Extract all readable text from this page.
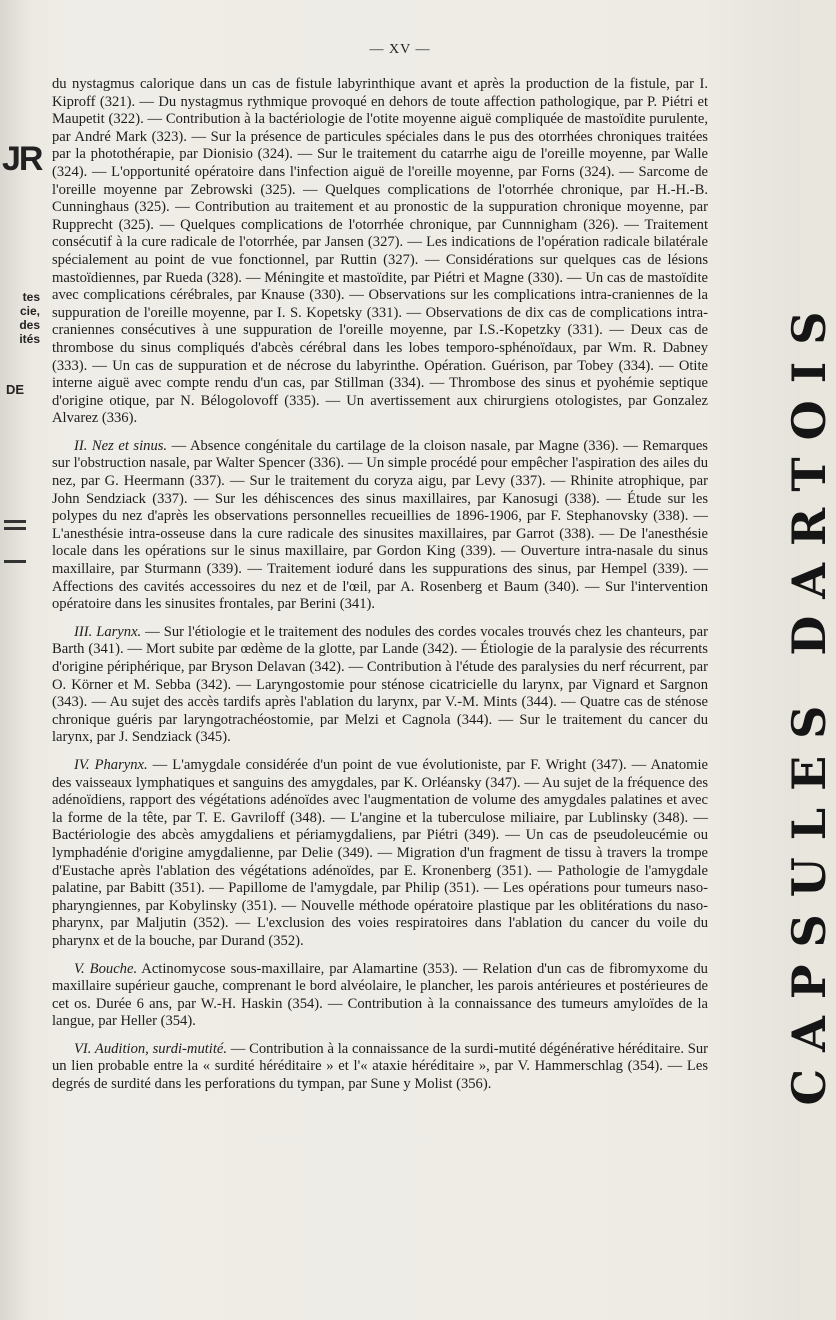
JR
tes
cie,
des
ités
DE
— XV —

du nystagmus calorique dans un cas de fistule labyrinthique avant et après la production de la fistule, par I. Kiproff (321). — Du nystagmus rythmique provoqué en dehors de toute affection pathologique, par P. Piétri et Maupetit (322). — Contribution à la bactériologie de l'otite moyenne aiguë compliquée de mastoïdite purulente, par André Mark (323). — Sur la présence de particules spéciales dans le pus des otorrhées chroniques traitées par la photothérapie, par Dionisio (324). — Sur le traitement du catarrhe aigu de l'oreille moyenne, par Walle (324). — L'opportunité opératoire dans l'infection aiguë de l'oreille moyenne, par Forns (324). — Sarcome de l'oreille moyenne par Zebrowski (325). — Quelques complications de l'otorrhée chronique, par H.-H.-B. Cunninghaus (325). — Contribution au traitement et au pronostic de la suppuration chronique moyenne, par Rupprecht (325). — Quelques complications de l'otorrhée chronique, par Cunnnigham (326). — Traitement consécutif à la cure radicale de l'otorrhée, par Jansen (327). — Les indications de l'opération radicale bilatérale spécialement au point de vue fonctionnel, par Ruttin (327). — Considérations sur quelques cas de lésions mastoïdiennes, par Rueda (328). — Méningite et mastoïdite, par Piétri et Magne (330). — Un cas de mastoïdite avec complications cérébrales, par Knause (330). — Observations sur les complications intra-craniennes de la suppuration de l'oreille moyenne, par I. S. Kopetsky (331). — Observations de dix cas de complications intra-craniennes consécutives à une suppuration de l'oreille moyenne, par I.S.-Kopetzky (331). — Deux cas de thrombose du sinus compliqués d'abcès cérébral dans les lobes temporo-sphénoïdaux, par Wm. R. Dabney (333). — Un cas de suppuration et de nécrose du labyrinthe. Opération. Guérison, par Tobey (334). — Otite interne aiguë avec compte rendu d'un cas, par Stillman (334). — Thrombose des sinus et pyohémie septique d'origine otique, par N. Bélogolovoff (335). — Un avertissement aux chirurgiens otologistes, par Gonzalez Alvarez (336).

II. Nez et sinus. — Absence congénitale du cartilage de la cloison nasale, par Magne (336). — Remarques sur l'obstruction nasale, par Walter Spencer (336). — Un simple procédé pour empêcher l'aspiration des ailes du nez, par G. Heermann (337). — Sur le traitement du coryza aigu, par Levy (337). — Rhinite atrophique, par John Sendziack (337). — Sur les déhiscences des sinus maxillaires, par Kanosugi (338). — Étude sur les polypes du nez d'après les observations personnelles recueillies de 1896-1906, par F. Stephanovsky (338). — L'anesthésie intra-osseuse dans la cure radicale des sinusites maxillaires, par Garrot (338). — De l'anesthésie locale dans les opérations sur le sinus maxillaire, par Gordon King (339). — Ouverture intra-nasale du sinus maxillaire, par Sturmann (339). — Traitement ioduré dans les suppurations des sinus, par Hempel (339). — Affections des cavités accessoires du nez et de l'œil, par A. Rosenberg et Baum (340). — Sur l'intervention opératoire dans les sinusites frontales, par Berini (341).

III. Larynx. — Sur l'étiologie et le traitement des nodules des cordes vocales trouvés chez les chanteurs, par Barth (341). — Mort subite par œdème de la glotte, par Lande (342). — Étiologie de la paralysie des récurrents d'origine périphérique, par Bryson Delavan (342). — Contribution à l'étude des paralysies du nerf récurrent, par O. Körner et M. Sebba (342). — Laryngostomie pour sténose cicatricielle du larynx, par Vignard et Sargnon (343). — Au sujet des accès tardifs après l'ablation du larynx, par V.-M. Mints (344). — Quatre cas de sténose chronique guéris par laryngotrachéostomie, par Melzi et Cagnola (344). — Sur le traitement du cancer du larynx, par J. Sendziack (345).

IV. Pharynx. — L'amygdale considérée d'un point de vue évolutioniste, par F. Wright (347). — Anatomie des vaisseaux lymphatiques et sanguins des amygdales, par K. Orléansky (347). — Au sujet de la fréquence des adénoïdiens, rapport des végétations adénoïdes avec l'augmentation de volume des amygdales palatines et avec la forme de la tête, par T. E. Gavriloff (348). — L'angine et la tuberculose miliaire, par Lublinsky (348). — Bactériologie des abcès amygdaliens et périamygdaliens, par Piétri (349). — Un cas de pseudoleucémie ou lymphadénie d'origine amygdalienne, par Delie (349). — Migration d'un fragment de tissu à travers la trompe d'Eustache après l'ablation des végétations adénoïdes, par E. Kronenberg (351). — Pathologie de l'amygdale palatine, par Babitt (351). — Papillome de l'amygdale, par Philip (351). — Les opérations pour tumeurs naso-pharyngiennes, par Kobylinsky (351). — Nouvelle méthode opératoire plastique par les oblitérations du naso-pharynx, par Maljutin (352). — L'exclusion des voies respiratoires dans l'ablation du cancer du voile du pharynx et de la bouche, par Durand (352).

V. Bouche. Actinomycose sous-maxillaire, par Alamartine (353). — Relation d'un cas de fibromyxome du maxillaire supérieur gauche, comprenant le bord alvéolaire, le plancher, les parois antérieures et postérieures de cet os. Durée 6 ans, par W.-H. Haskin (354). — Contribution à la connaissance des tumeurs amyloïdes de la langue, par Heller (354).

VI. Audition, surdi-mutité. — Contribution à la connaissance de la surdi-mutité dégénérative héréditaire. Sur un lien probable entre la « surdité héréditaire » et l'« ataxie héréditaire », par V. Hammerschlag (354). — Les degrés de surdité dans les perforations du tympan, par Sune y Molist (356).	CAPSULES DARTOIS
